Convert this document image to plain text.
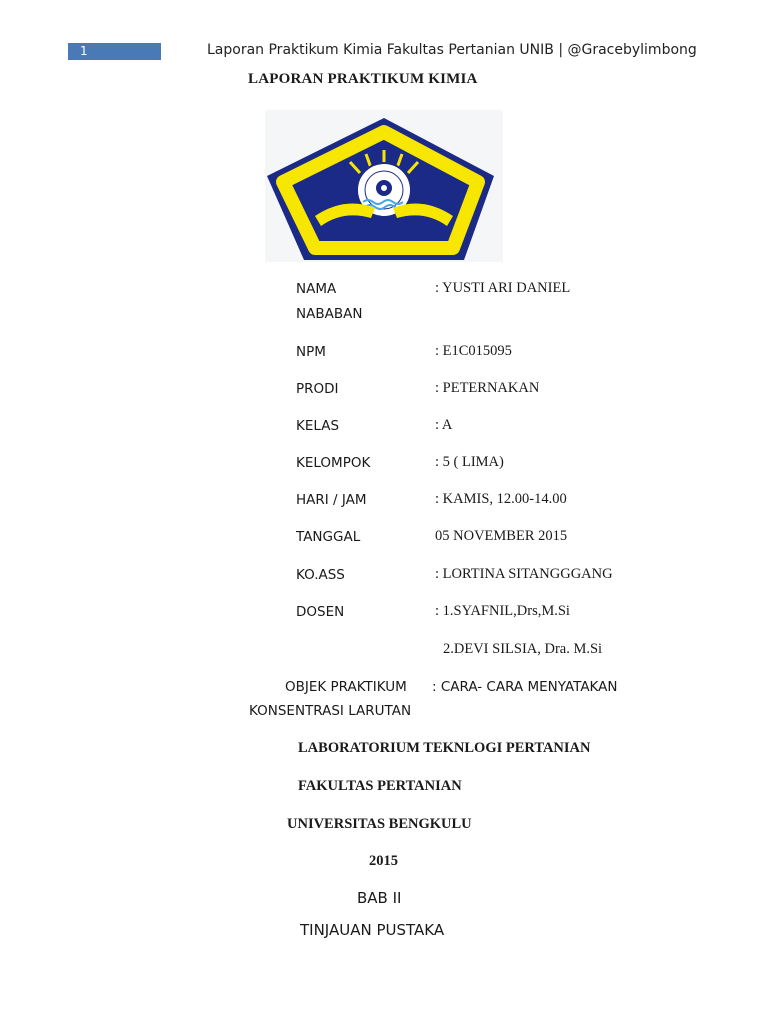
1	Laporan Praktikum Kimia Fakultas Pertanian UNIB | @Gracebylimbong
LAPORAN PRAKTIKUM KIMIA
NAMA	: YUSTI ARI DANIEL
NABABAN
NPM	: E1C015095
PRODI	: PETERNAKAN
KELAS	: A
KELOMPOK	: 5 ( LIMA)
HARI / JAM	: KAMIS, 12.00-14.00
TANGGAL	05 NOVEMBER 2015
KO.ASS	: LORTINA SITANGGGANG
DOSEN	: 1.SYAFNIL,Drs,M.Si
2.DEVI SILSIA, Dra. M.Si
OBJEK PRAKTIKUM : CARA- CARA MENYATAKAN
KONSENTRASI LARUTAN
LABORATORIUM TEKNLOGI PERTANIAN
FAKULTAS PERTANIAN
UNIVERSITAS BENGKULU
2015
BAB II
TINJAUAN PUSTAKA
